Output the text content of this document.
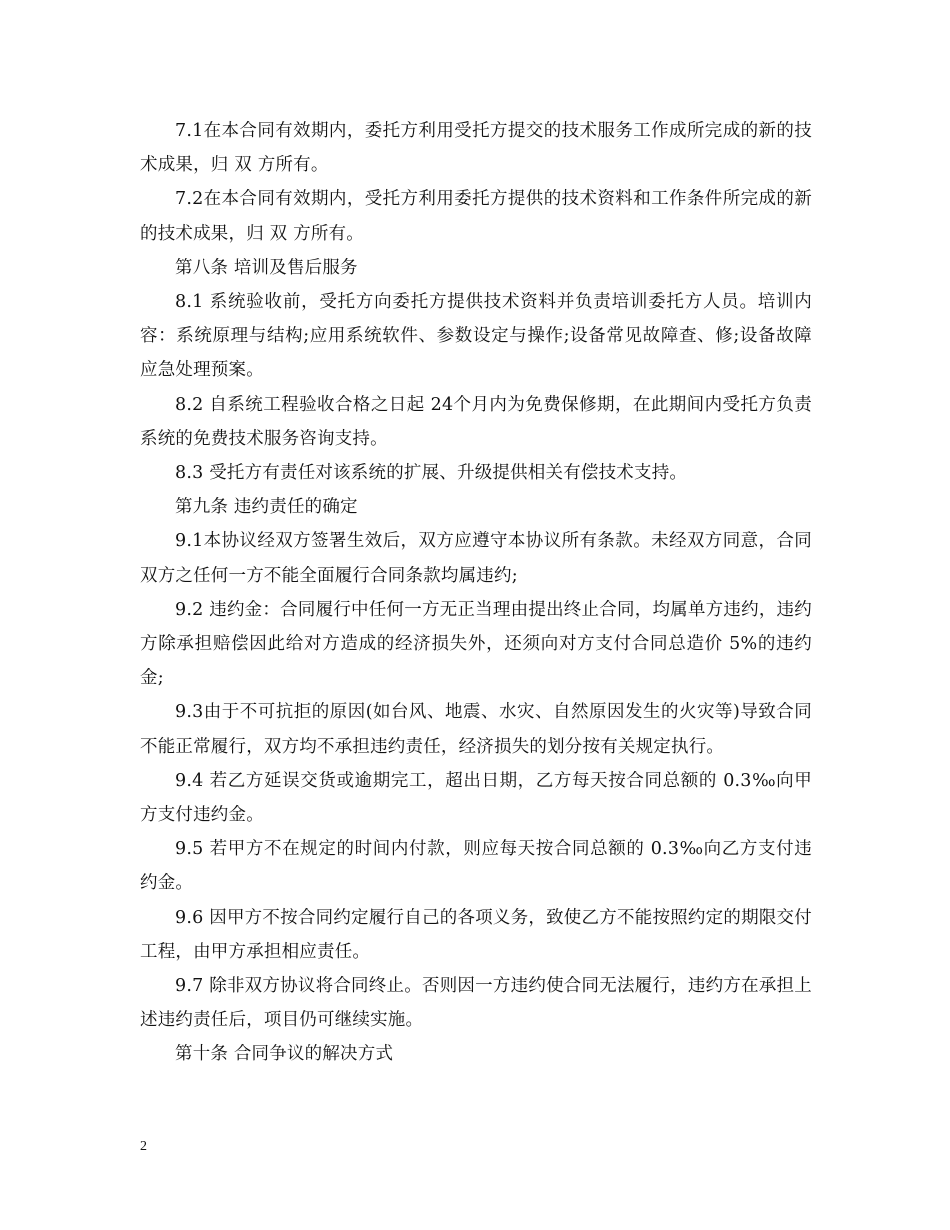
7.1在本合同有效期内，委托方利用受托方提交的技术服务工作成所完成的新的技术成果，归 双 方所有。

7.2在本合同有效期内，受托方利用委托方提供的技术资料和工作条件所完成的新的技术成果，归 双 方所有。

第八条 培训及售后服务

8.1 系统验收前，受托方向委托方提供技术资料并负责培训委托方人员。培训内容：系统原理与结构;应用系统软件、参数设定与操作;设备常见故障查、修;设备故障应急处理预案。

8.2 自系统工程验收合格之日起 24个月内为免费保修期，在此期间内受托方负责系统的免费技术服务咨询支持。

8.3 受托方有责任对该系统的扩展、升级提供相关有偿技术支持。

第九条 违约责任的确定

9.1本协议经双方签署生效后，双方应遵守本协议所有条款。未经双方同意，合同双方之任何一方不能全面履行合同条款均属违约;

9.2 违约金：合同履行中任何一方无正当理由提出终止合同，均属单方违约，违约方除承担赔偿因此给对方造成的经济损失外，还须向对方支付合同总造价 5%的违约金;

9.3由于不可抗拒的原因(如台风、地震、水灾、自然原因发生的火灾等)导致合同不能正常履行，双方均不承担违约责任，经济损失的划分按有关规定执行。

9.4 若乙方延误交货或逾期完工，超出日期，乙方每天按合同总额的 0.3‰向甲方支付违约金。

9.5 若甲方不在规定的时间内付款，则应每天按合同总额的 0.3‰向乙方支付违约金。

9.6 因甲方不按合同约定履行自己的各项义务，致使乙方不能按照约定的期限交付工程，由甲方承担相应责任。

9.7 除非双方协议将合同终止。否则因一方违约使合同无法履行，违约方在承担上述违约责任后，项目仍可继续实施。

第十条 合同争议的解决方式

2
